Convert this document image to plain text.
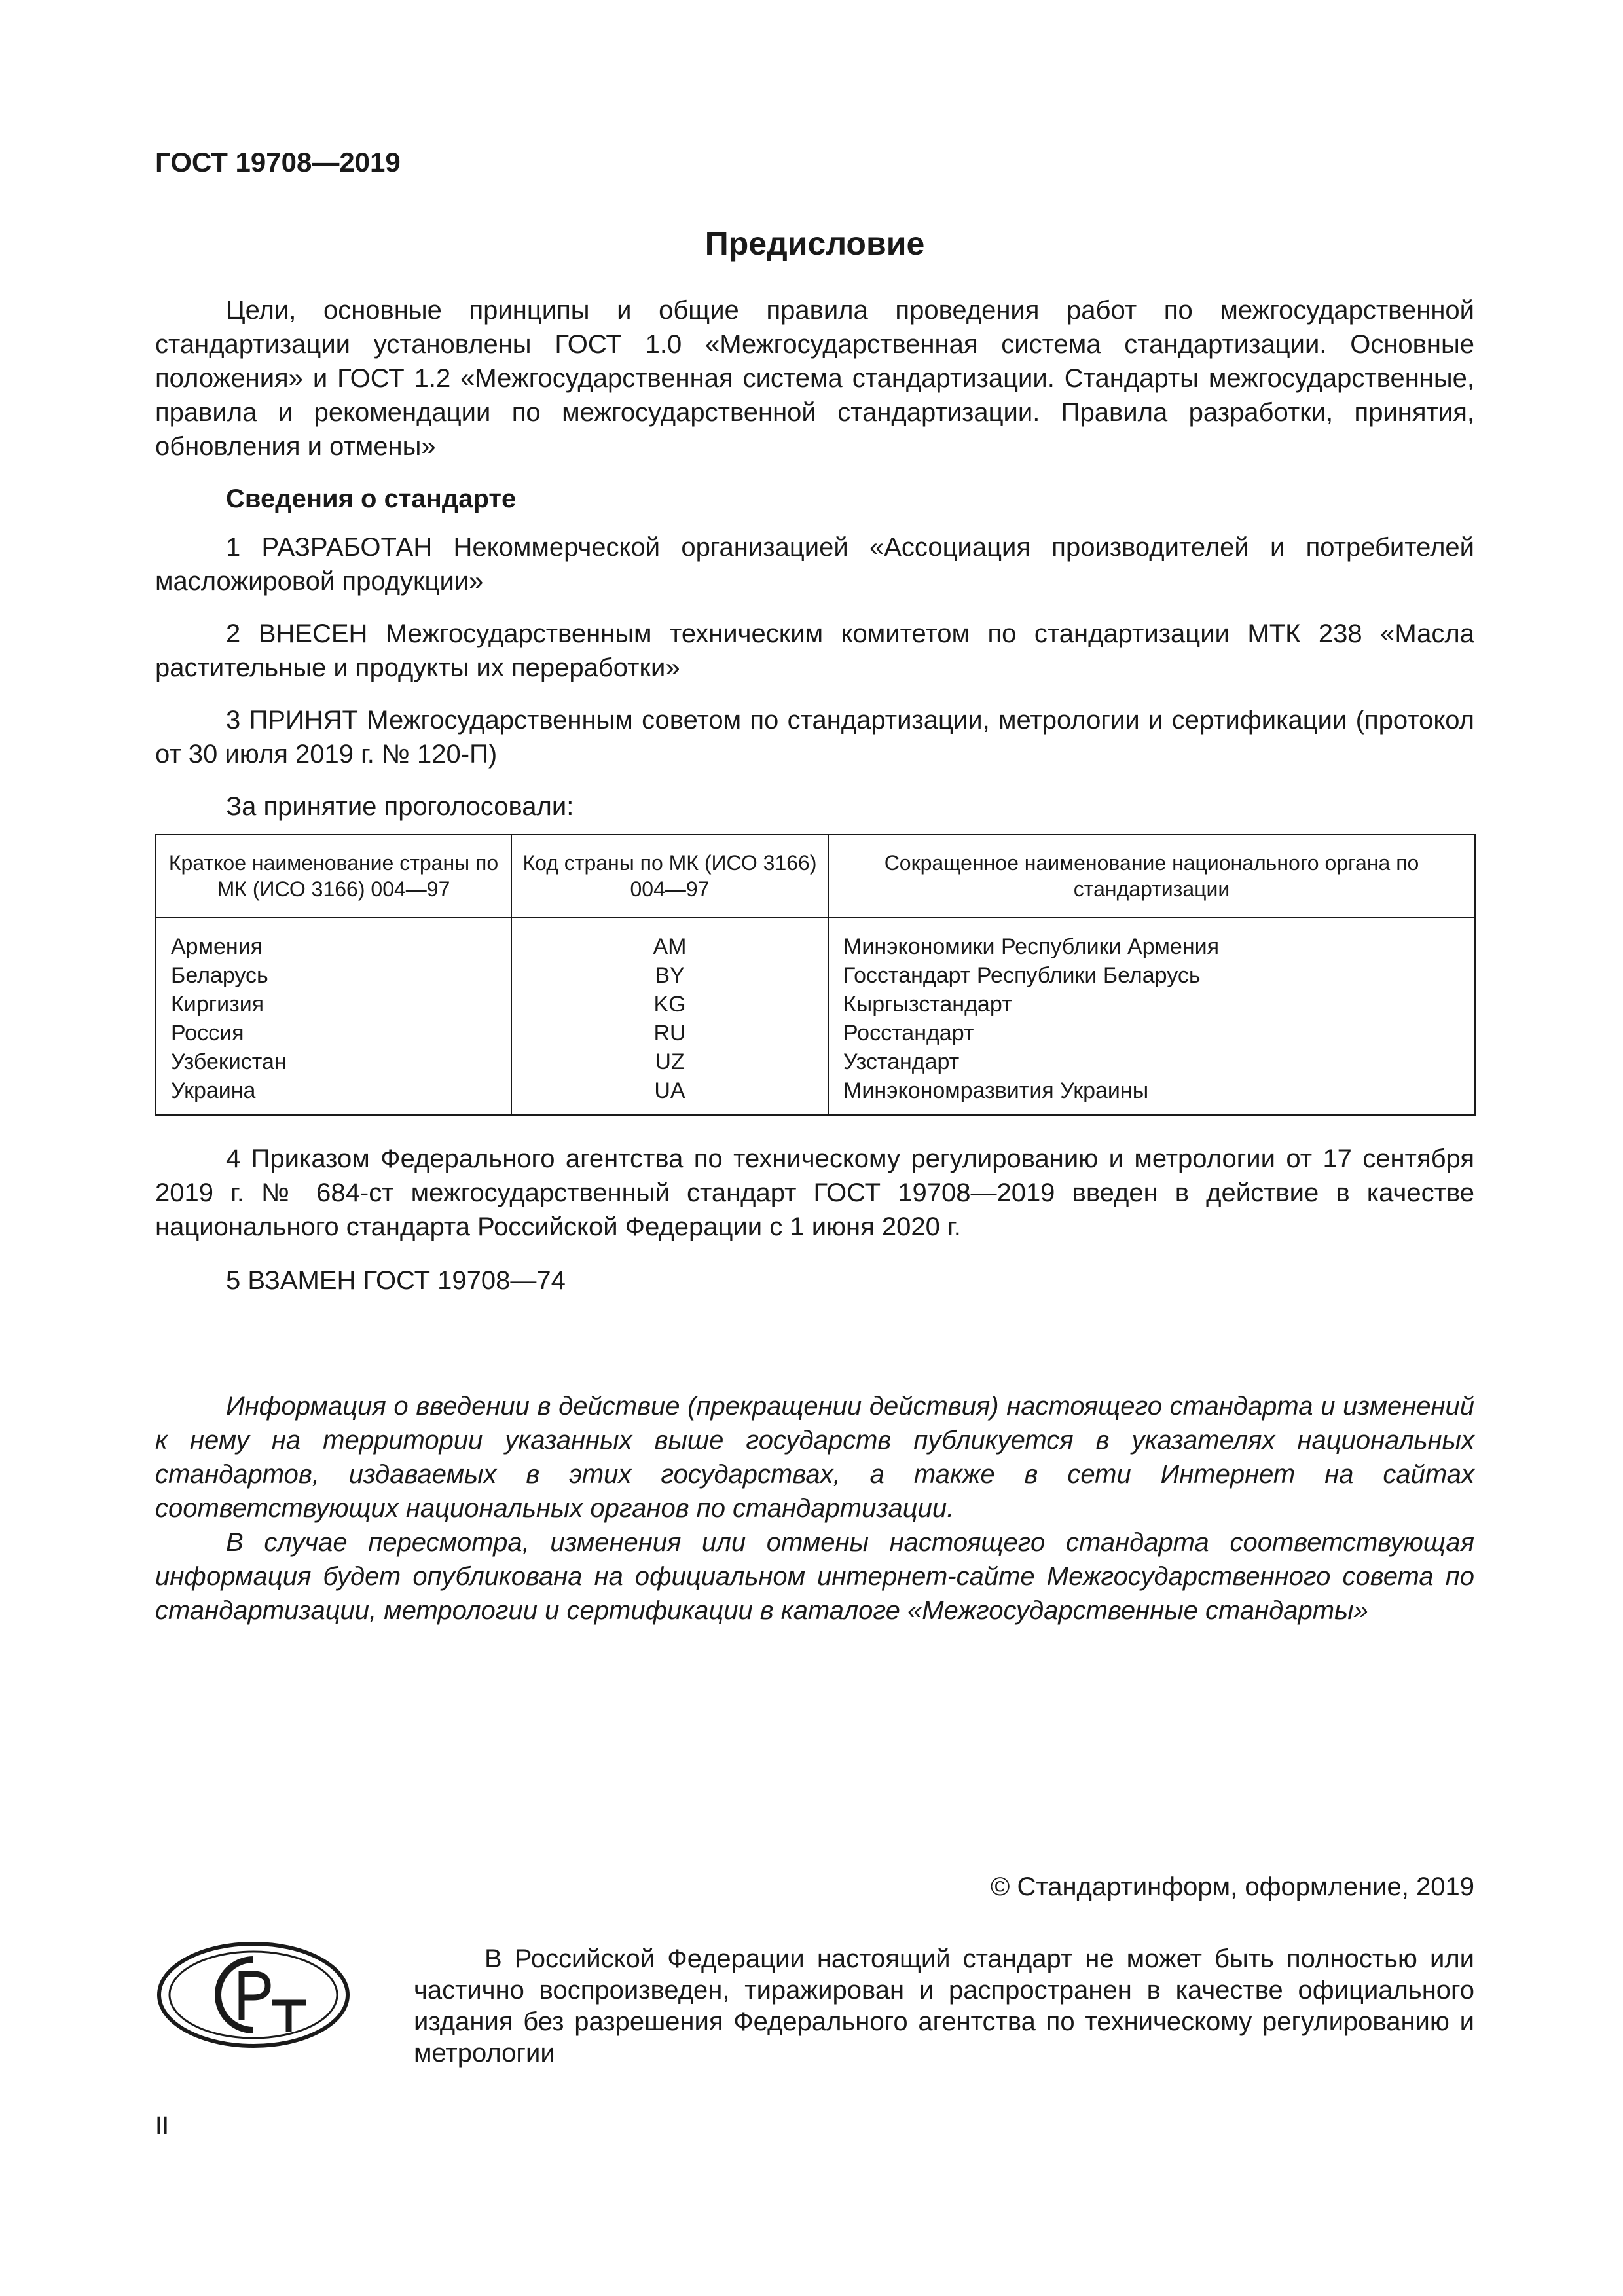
ГОСТ 19708—2019
Предисловие

Цели, основные принципы и общие правила проведения работ по межгосударственной стандартизации установлены ГОСТ 1.0 «Межгосударственная система стандартизации. Основные положения» и ГОСТ 1.2 «Межгосударственная система стандартизации. Стандарты межгосударственные, правила и рекомендации по межгосударственной стандартизации. Правила разработки, принятия, обновления и отмены»

Сведения о стандарте

1 РАЗРАБОТАН Некоммерческой организацией «Ассоциация производителей и потребителей масложировой продукции»

2 ВНЕСЕН Межгосударственным техническим комитетом по стандартизации МТК 238 «Масла растительные и продукты их переработки»

3 ПРИНЯТ Межгосударственным советом по стандартизации, метрологии и сертификации (протокол от 30 июля 2019 г. № 120-П)

За принятие проголосовали:

Краткое наименование страны по МК (ИСО 3166) 004—97	Код страны по МК (ИСО 3166) 004—97	Сокращенное наименование национального органа по стандартизации

Армения	AM	Минэкономики Республики Армения
Беларусь	BY	Госстандарт Республики Беларусь
Киргизия	KG	Кыргызстандарт
Россия	RU	Росстандарт
Узбекистан	UZ	Узстандарт
Украина	UA	Минэкономразвития Украины

4 Приказом Федерального агентства по техническому регулированию и метрологии от 17 сентября 2019 г. № 684-ст межгосударственный стандарт ГОСТ 19708—2019 введен в действие в качестве национального стандарта Российской Федерации с 1 июня 2020 г.

5 ВЗАМЕН ГОСТ 19708—74

Информация о введении в действие (прекращении действия) настоящего стандарта и изменений к нему на территории указанных выше государств публикуется в указателях национальных стандартов, издаваемых в этих государствах, а также в сети Интернет на сайтах соответствующих национальных органов по стандартизации.

В случае пересмотра, изменения или отмены настоящего стандарта соответствующая информация будет опубликована на официальном интернет-сайте Межгосударственного совета по стандартизации, метрологии и сертификации в каталоге «Межгосударственные стандарты»

© Стандартинформ, оформление, 2019

В Российской Федерации настоящий стандарт не может быть полностью или частично воспроизведен, тиражирован и распространен в качестве официального издания без разрешения Федерального агентства по техническому регулированию и метрологии

II
